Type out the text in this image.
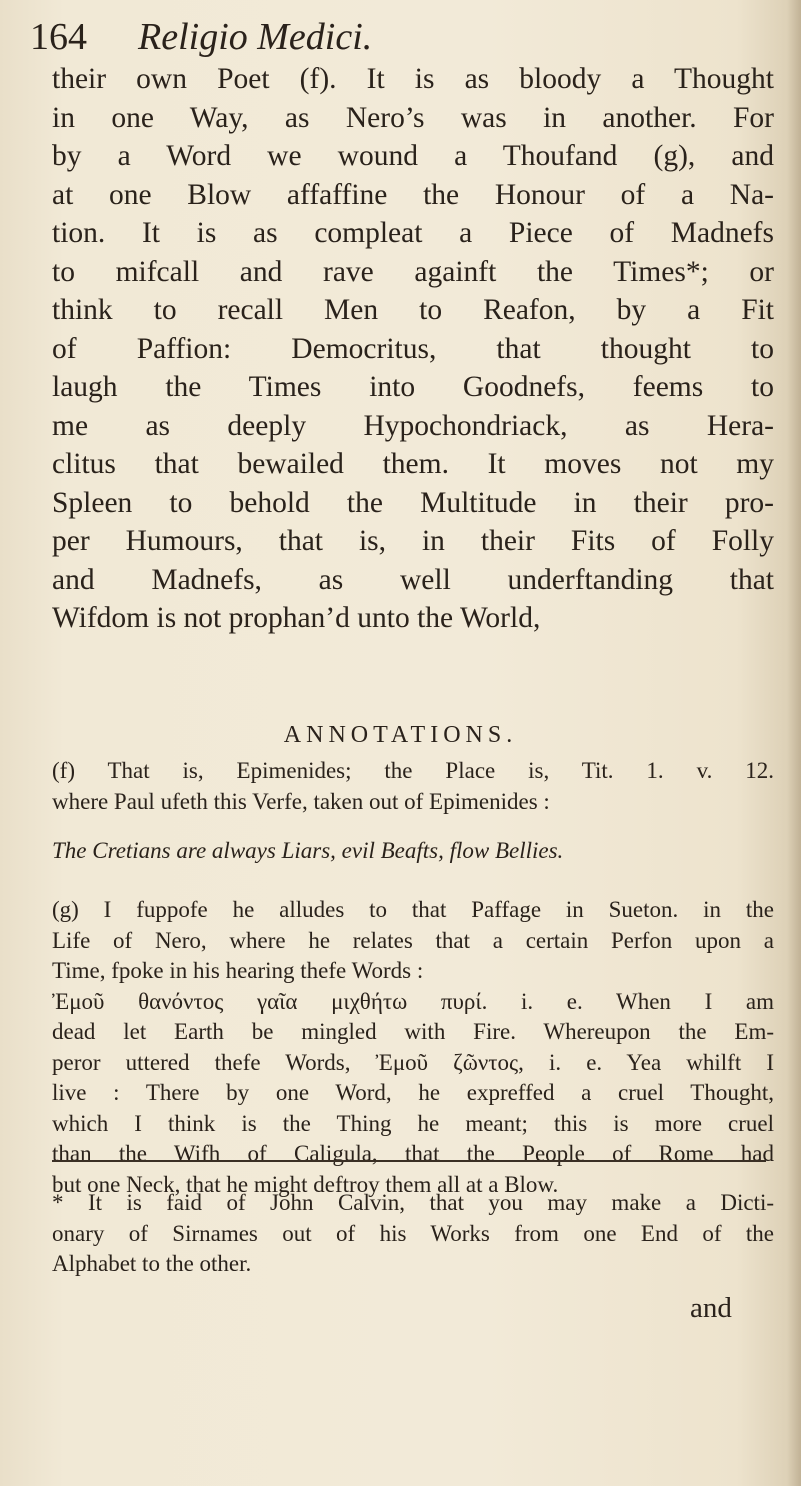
164 Religio Medici.
their own Poet (f). It is as bloody a Thought
in one Way, as Nero’s was in another. For
by a Word we wound a Thoufand (g), and
at one Blow affaffine the Honour of a Na-
tion. It is as compleat a Piece of Madnefs
to mifcall and rave againft the Times*; or
think to recall Men to Reafon, by a Fit
of Paffion: Democritus, that thought to
laugh the Times into Goodnefs, feems to
me as deeply Hypochondriack, as Hera-
clitus that bewailed them. It moves not my
Spleen to behold the Multitude in their pro-
per Humours, that is, in their Fits of Folly
and Madnefs, as well underftanding that
Wifdom is not prophan’d unto the World,
ANNOTATIONS.
(f) That is, Epimenides; the Place is, Tit. 1. v. 12.
where Paul ufeth this Verfe, taken out of Epimenides :
The Cretians are always Liars, evil Beafts, flow Bellies.
(g) I fuppofe he alludes to that Paffage in Sueton. in the
Life of Nero, where he relates that a certain Perfon upon a
Time, fpoke in his hearing thefe Words :
Ἐμοῦ θανόντος γαῖα μιχθήτω πυρί. i. e. When I am
dead let Earth be mingled with Fire. Whereupon the Em-
peror uttered thefe Words, Ἐμοῦ ζῶντος, i. e. Yea whilft I
live : There by one Word, he expreffed a cruel Thought,
which I think is the Thing he meant; this is more cruel
than the Wifh of Caligula, that the People of Rome had
but one Neck, that he might deftroy them all at a Blow.
* It is faid of John Calvin, that you may make a Dicti-
onary of Sirnames out of his Works from one End of the
Alphabet to the other.
and
